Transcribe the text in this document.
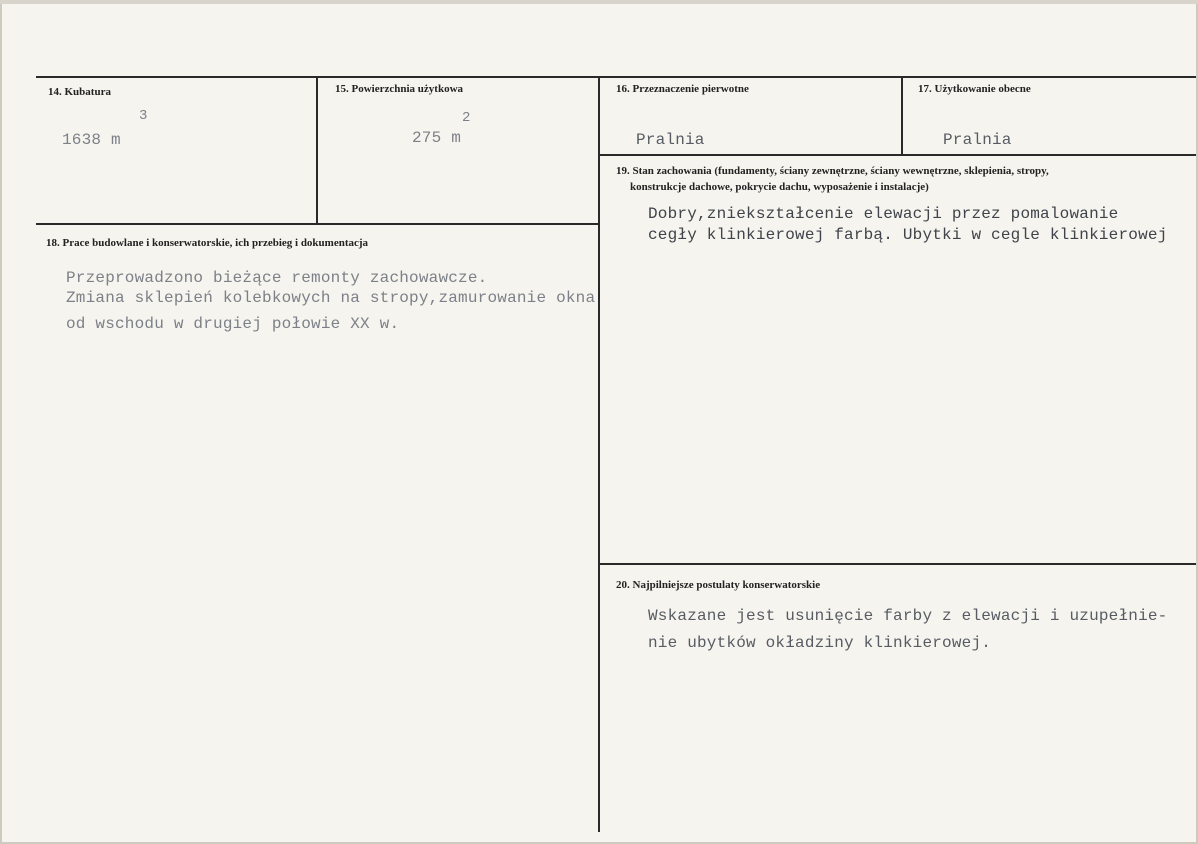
14. Kubatura
3
1638 m
15. Powierzchnia użytkowa
2
275 m
16. Przeznaczenie pierwotne
Pralnia
17. Użytkowanie obecne
Pralnia
19. Stan zachowania (fundamenty, ściany zewnętrzne, ściany wewnętrzne, sklepienia, stropy,
konstrukcje dachowe, pokrycie dachu, wyposażenie i instalacje)
Dobry,zniekształcenie elewacji przez pomalowanie
cegły klinkierowej farbą. Ubytki w cegle klinkierowej
18. Prace budowlane i konserwatorskie, ich przebieg i dokumentacja
Przeprowadzono bieżące remonty zachowawcze.
Zmiana sklepień kolebkowych na stropy,zamurowanie okna
od wschodu w drugiej połowie XX w.
20. Najpilniejsze postulaty konserwatorskie
Wskazane jest usunięcie farby z elewacji i uzupełnie-
nie ubytków okładziny klinkierowej.
